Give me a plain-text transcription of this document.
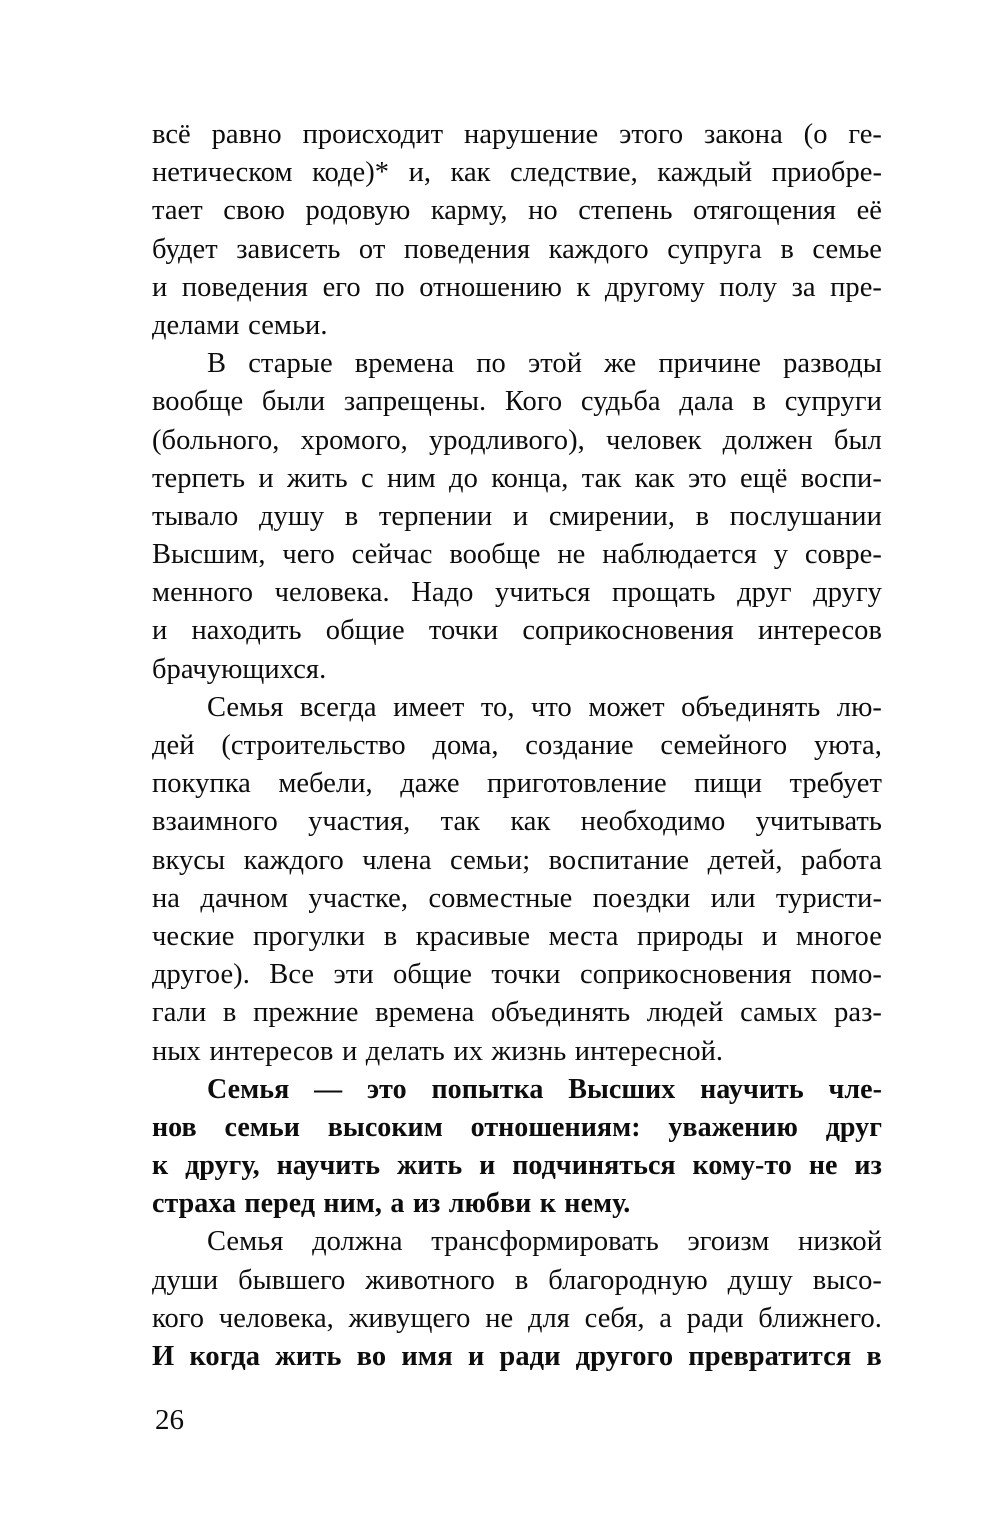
всё равно происходит нарушение этого закона (о ге-
нетическом коде)* и, как следствие, каждый приобре-
тает свою родовую карму, но степень отягощения её
будет зависеть от поведения каждого супруга в семье
и поведения его по отношению к другому полу за пре-
делами семьи.
В старые времена по этой же причине разводы
вообще были запрещены. Кого судьба дала в супруги
(больного, хромого, уродливого), человек должен был
терпеть и жить с ним до конца, так как это ещё воспи-
тывало душу в терпении и смирении, в послушании
Высшим, чего сейчас вообще не наблюдается у совре-
менного человека. Надо учиться прощать друг другу
и находить общие точки соприкосновения интересов
брачующихся.
Семья всегда имеет то, что может объединять лю-
дей (строительство дома, создание семейного уюта,
покупка мебели, даже приготовление пищи требует
взаимного участия, так как необходимо учитывать
вкусы каждого члена семьи; воспитание детей, работа
на дачном участке, совместные поездки или туристи-
ческие прогулки в красивые места природы и многое
другое). Все эти общие точки соприкосновения помо-
гали в прежние времена объединять людей самых раз-
ных интересов и делать их жизнь интересной.
Семья — это попытка Высших научить чле-
нов семьи высоким отношениям: уважению друг
к другу, научить жить и подчиняться кому-то не из
страха перед ним, а из любви к нему.
Семья должна трансформировать эгоизм низкой
души бывшего животного в благородную душу высо-
кого человека, живущего не для себя, а ради ближнего.
И когда жить во имя и ради другого превратится в
26
